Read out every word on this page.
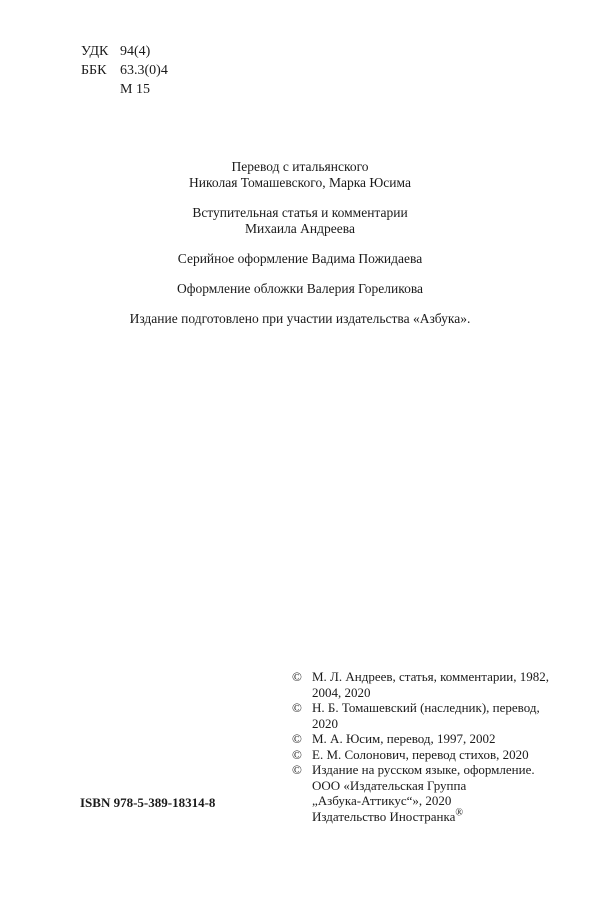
УДК 94(4)
ББК 63.3(0)4
М 15
Перевод с итальянского
Николая Томашевского, Марка Юсима
Вступительная статья и комментарии
Михаила Андреева
Серийное оформление Вадима Пожидаева
Оформление обложки Валерия Гореликова
Издание подготовлено при участии издательства «Азбука».
© М. Л. Андреев, статья, комментарии, 1982,
2004, 2020
© Н. Б. Томашевский (наследник), перевод,
2020
© М. А. Юсим, перевод, 1997, 2002
© Е. М. Солонович, перевод стихов, 2020
© Издание на русском языке, оформление.
ООО «Издательская Группа
„Азбука-Аттикус“», 2020
Издательство Иностранка®
ISBN 978-5-389-18314-8
